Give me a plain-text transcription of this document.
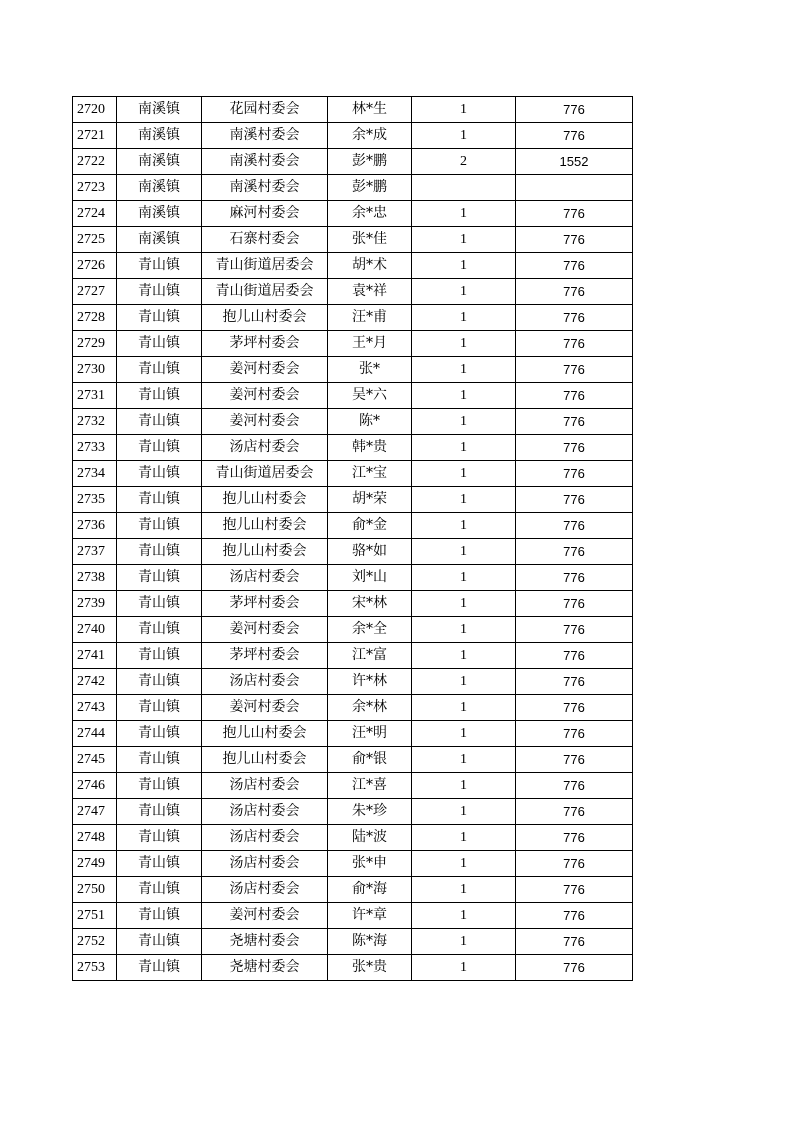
2720	南溪镇	花园村委会	林*生	1	776
2721	南溪镇	南溪村委会	余*成	1	776
2722	南溪镇	南溪村委会	彭*鹏	2	1552
2723	南溪镇	南溪村委会	彭*鹏		
2724	南溪镇	麻河村委会	余*忠	1	776
2725	南溪镇	石寨村委会	张*佳	1	776
2726	青山镇	青山街道居委会	胡*术	1	776
2727	青山镇	青山街道居委会	袁*祥	1	776
2728	青山镇	抱儿山村委会	汪*甫	1	776
2729	青山镇	茅坪村委会	王*月	1	776
2730	青山镇	姜河村委会	张*	1	776
2731	青山镇	姜河村委会	吴*六	1	776
2732	青山镇	姜河村委会	陈*	1	776
2733	青山镇	汤店村委会	韩*贵	1	776
2734	青山镇	青山街道居委会	江*宝	1	776
2735	青山镇	抱儿山村委会	胡*荣	1	776
2736	青山镇	抱儿山村委会	俞*金	1	776
2737	青山镇	抱儿山村委会	骆*如	1	776
2738	青山镇	汤店村委会	刘*山	1	776
2739	青山镇	茅坪村委会	宋*林	1	776
2740	青山镇	姜河村委会	余*全	1	776
2741	青山镇	茅坪村委会	江*富	1	776
2742	青山镇	汤店村委会	许*林	1	776
2743	青山镇	姜河村委会	余*林	1	776
2744	青山镇	抱儿山村委会	汪*明	1	776
2745	青山镇	抱儿山村委会	俞*银	1	776
2746	青山镇	汤店村委会	江*喜	1	776
2747	青山镇	汤店村委会	朱*珍	1	776
2748	青山镇	汤店村委会	陆*波	1	776
2749	青山镇	汤店村委会	张*申	1	776
2750	青山镇	汤店村委会	俞*海	1	776
2751	青山镇	姜河村委会	许*章	1	776
2752	青山镇	尧塘村委会	陈*海	1	776
2753	青山镇	尧塘村委会	张*贵	1	776
